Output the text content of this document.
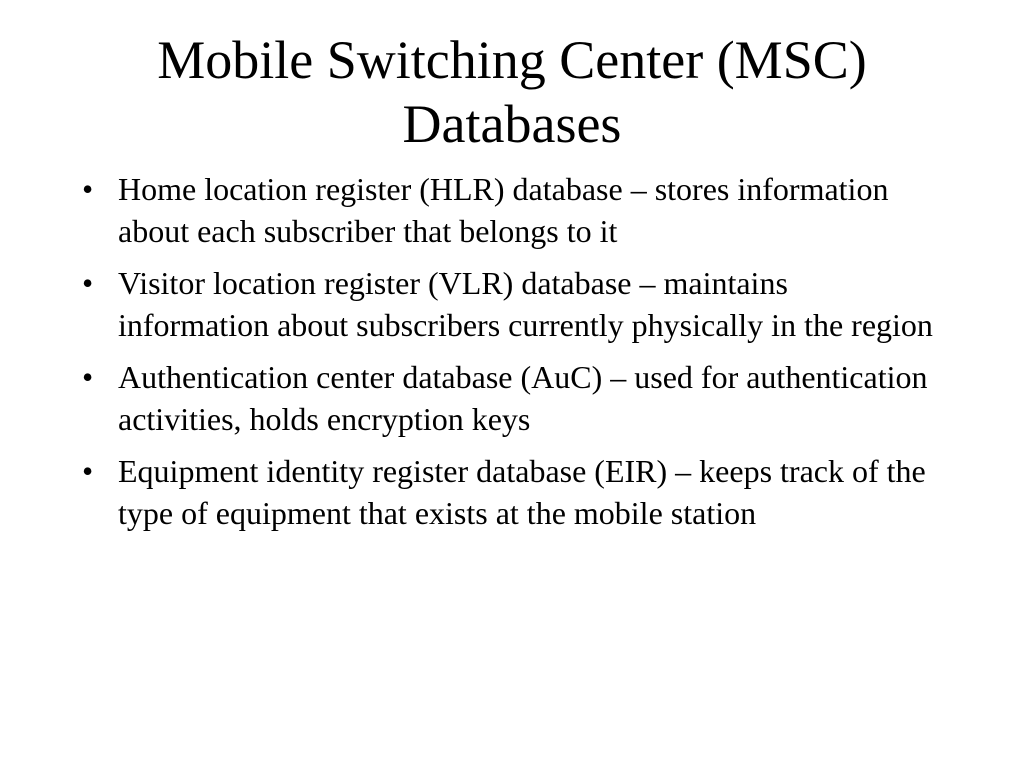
Mobile Switching Center (MSC) Databases
• Home location register (HLR) database – stores information about each subscriber that belongs to it
• Visitor location register (VLR) database – maintains information about subscribers currently physically in the region
• Authentication center database (AuC) – used for authentication activities, holds encryption keys
• Equipment identity register database (EIR) – keeps track of the type of equipment that exists at the mobile station
